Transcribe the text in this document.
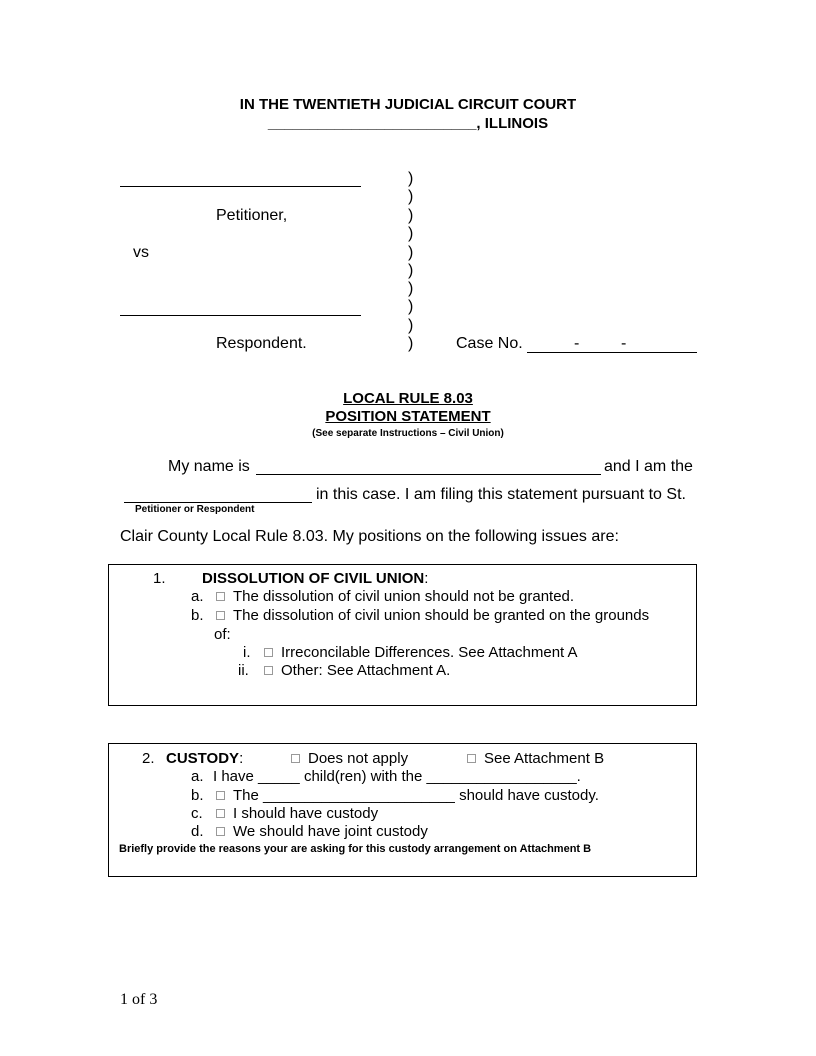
IN THE TWENTIETH JUDICIAL CIRCUIT COURT
_________________________, ILLINOIS
Petitioner,
vs
Respondent.
)
)
)
)
)
)
)
)
)
)	Case No.	-	-
LOCAL RULE 8.03
POSITION STATEMENT
(See separate Instructions – Civil Union)
My name is	and I am the
in this case. I am filing this statement pursuant to St.
Petitioner or Respondent
Clair County Local Rule 8.03. My positions on the following issues are:
1. DISSOLUTION OF CIVIL UNION:
a.	The dissolution of civil union should not be granted.
b.	The dissolution of civil union should be granted on the grounds
of:
i.	Irreconcilable Differences. See Attachment A
ii.	Other: See Attachment A.
2. CUSTODY:	Does not apply	See Attachment B
a. I have _____ child(ren) with the __________________.
b.	The _______________________ should have custody.
c.	I should have custody
d.	We should have joint custody
Briefly provide the reasons your are asking for this custody arrangement on Attachment B
1 of 3
